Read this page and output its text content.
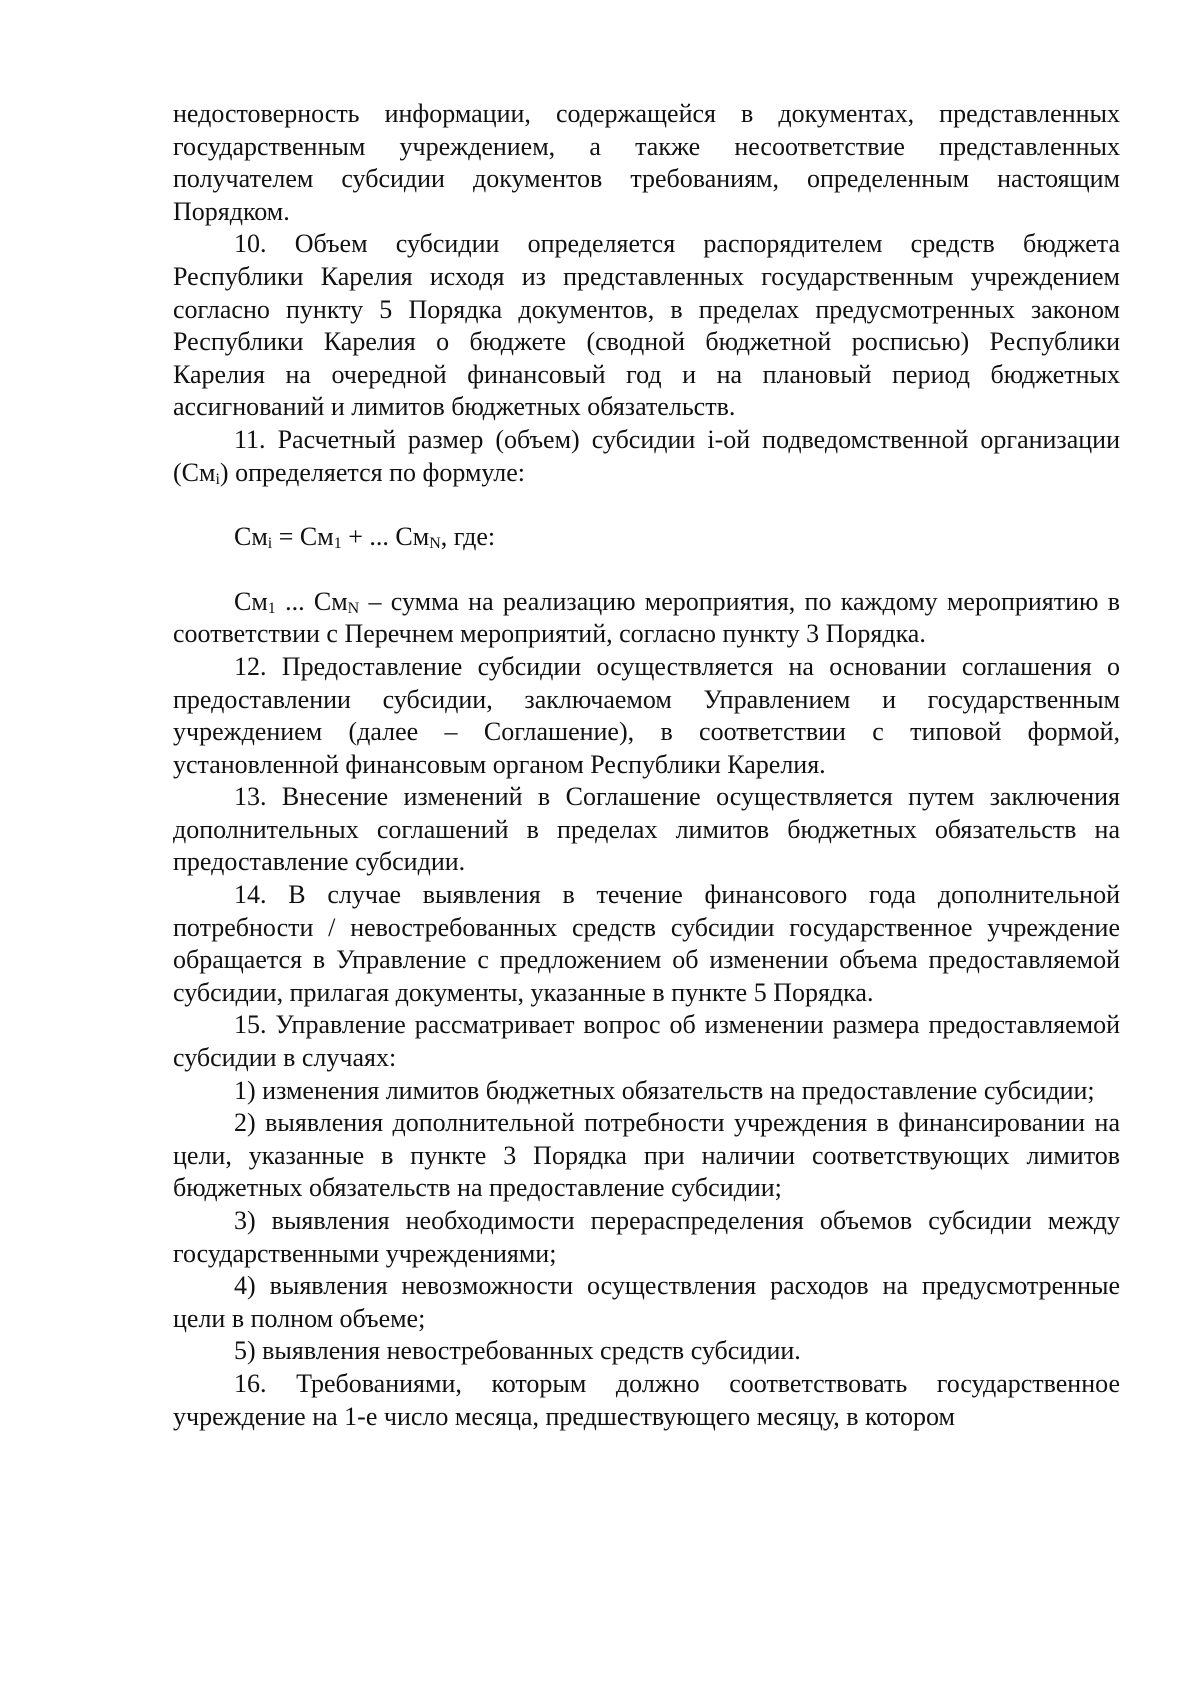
недостоверность информации, содержащейся в документах, представленных государственным учреждением, а также несоответствие представленных получателем субсидии документов требованиям, определенным настоящим Порядком.

10. Объем субсидии определяется распорядителем средств бюджета Республики Карелия исходя из представленных государственным учреждением согласно пункту 5 Порядка документов, в пределах предусмотренных законом Республики Карелия о бюджете (сводной бюджетной росписью) Республики Карелия на очередной финансовый год и на плановый период бюджетных ассигнований и лимитов бюджетных обязательств.

11. Расчетный размер (объем) субсидии i-ой подведомственной организации $(См_i)$ определяется по формуле:

$См_i = См_1$ + ... $См_N$, где:

$См_1$ ... $См_N$ – сумма на реализацию мероприятия, по каждому мероприятию в соответствии с Перечнем мероприятий, согласно пункту 3 Порядка.

12. Предоставление субсидии осуществляется на основании соглашения о предоставлении субсидии, заключаемом Управлением и государственным учреждением (далее – Соглашение), в соответствии с типовой формой, установленной финансовым органом Республики Карелия.

13. Внесение изменений в Соглашение осуществляется путем заключения дополнительных соглашений в пределах лимитов бюджетных обязательств на предоставление субсидии.

14. В случае выявления в течение финансового года дополнительной потребности / невостребованных средств субсидии государственное учреждение обращается в Управление с предложением об изменении объема предоставляемой субсидии, прилагая документы, указанные в пункте 5 Порядка.

15. Управление рассматривает вопрос об изменении размера предоставляемой субсидии в случаях:

1) изменения лимитов бюджетных обязательств на предоставление субсидии;

2) выявления дополнительной потребности учреждения в финансировании на цели, указанные в пункте 3 Порядка при наличии соответствующих лимитов бюджетных обязательств на предоставление субсидии;

3) выявления необходимости перераспределения объемов субсидии между государственными учреждениями;

4) выявления невозможности осуществления расходов на предусмотренные цели в полном объеме;

5) выявления невостребованных средств субсидии.

16. Требованиями, которым должно соответствовать государственное учреждение на 1-е число месяца, предшествующего месяцу, в котором
